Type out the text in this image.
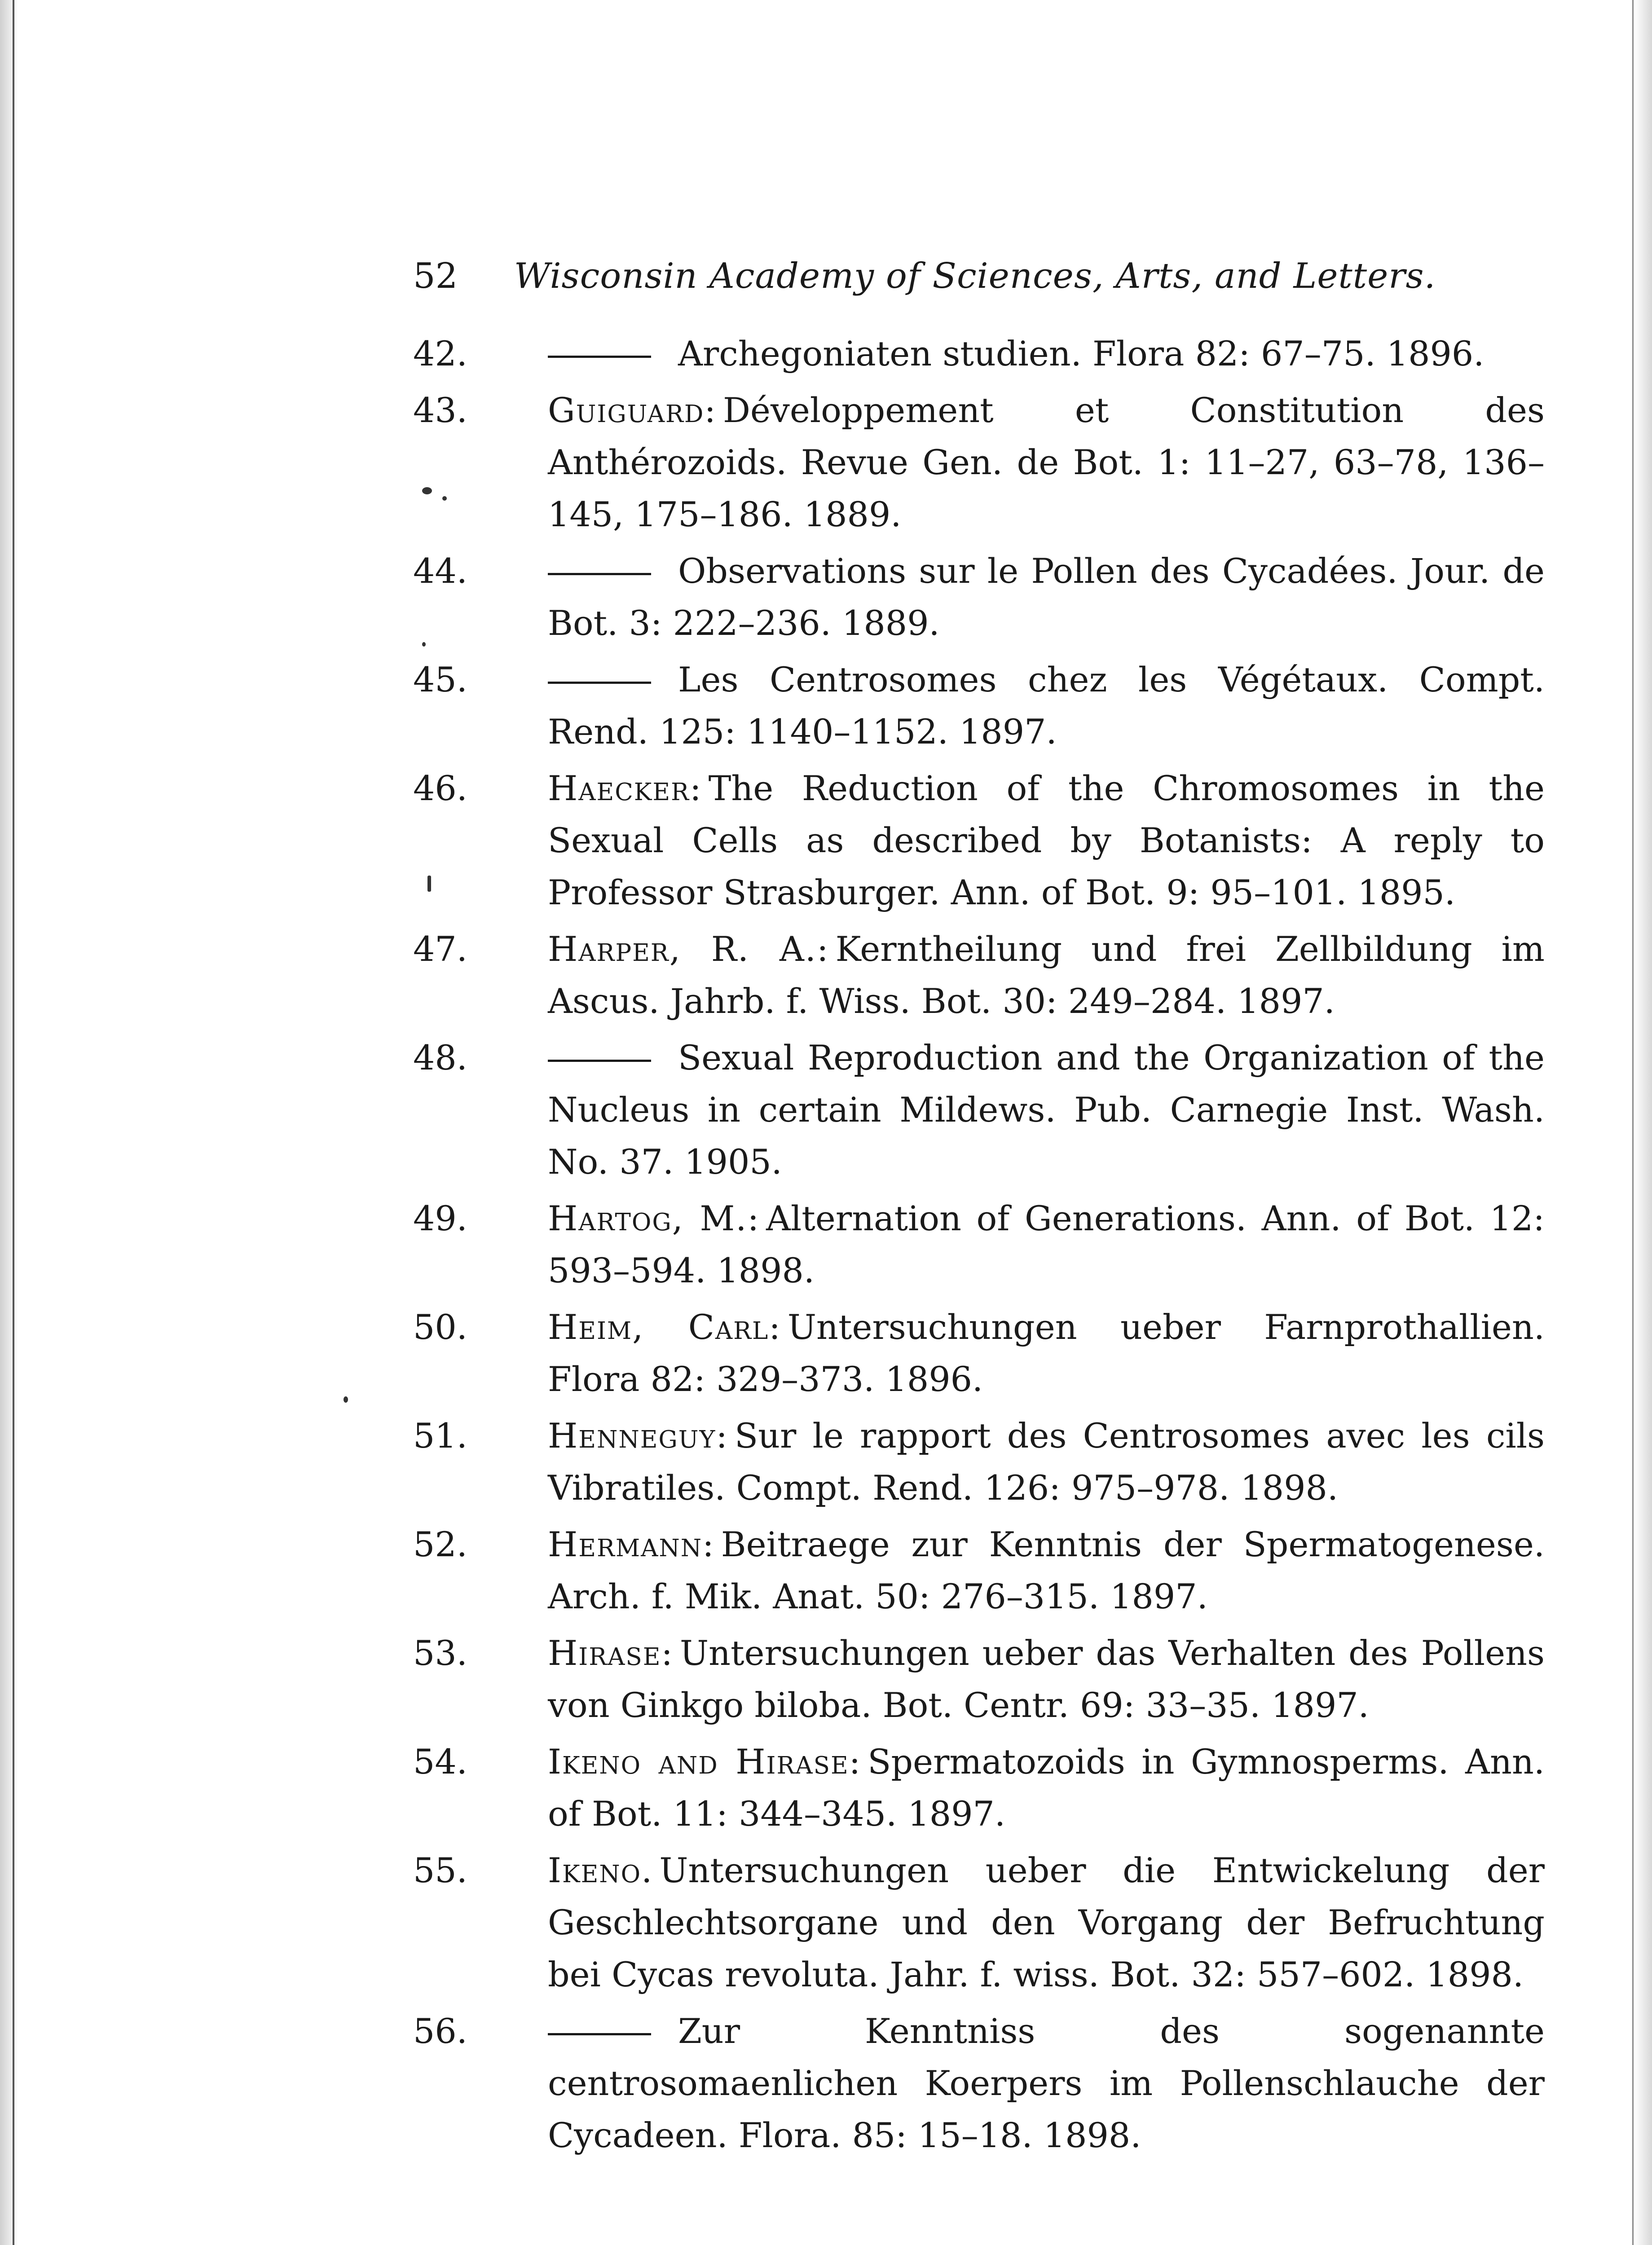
52 Wisconsin Academy of Sciences, Arts, and Letters.
42.	Archegoniaten studien. Flora 82: 67–75. 1896.
43. Guiguard: Développement et Constitution des Anthérozoids. Revue Gen. de Bot. 1: 11–27, 63–78, 136–145, 175–186. 1889.
44.	Observations sur le Pollen des Cycadées. Jour. de Bot. 3: 222–236. 1889.
45.	Les Centrosomes chez les Végétaux. Compt. Rend. 125: 1140–1152. 1897.
46. Haecker: The Reduction of the Chromosomes in the Sexual Cells as described by Botanists: A reply to Professor Strasburger. Ann. of Bot. 9: 95–101. 1895.
47. Harper, R. A.: Kerntheilung und frei Zellbildung im Ascus. Jahrb. f. Wiss. Bot. 30: 249–284. 1897.
48.	Sexual Reproduction and the Organization of the Nucleus in certain Mildews. Pub. Carnegie Inst. Wash. No. 37. 1905.
49. Hartog, M.: Alternation of Generations. Ann. of Bot. 12: 593–594. 1898.
50. Heim, Carl: Untersuchungen ueber Farnprothallien. Flora 82: 329–373. 1896.
51. Henneguy: Sur le rapport des Centrosomes avec les cils Vibratiles. Compt. Rend. 126: 975–978. 1898.
52. Hermann: Beitraege zur Kenntnis der Spermatogenese. Arch. f. Mik. Anat. 50: 276–315. 1897.
53. Hirase: Untersuchungen ueber das Verhalten des Pollens von Ginkgo biloba. Bot. Centr. 69: 33–35. 1897.
54. Ikeno and Hirase: Spermatozoids in Gymnosperms. Ann. of Bot. 11: 344–345. 1897.
55. Ikeno. Untersuchungen ueber die Entwickelung der Geschlechtsorgane und den Vorgang der Befruchtung bei Cycas revoluta. Jahr. f. wiss. Bot. 32: 557–602. 1898.
56.	Zur Kenntniss des sogenannte centrosomaenlichen Koerpers im Pollenschlauche der Cycadeen. Flora. 85: 15–18. 1898.
